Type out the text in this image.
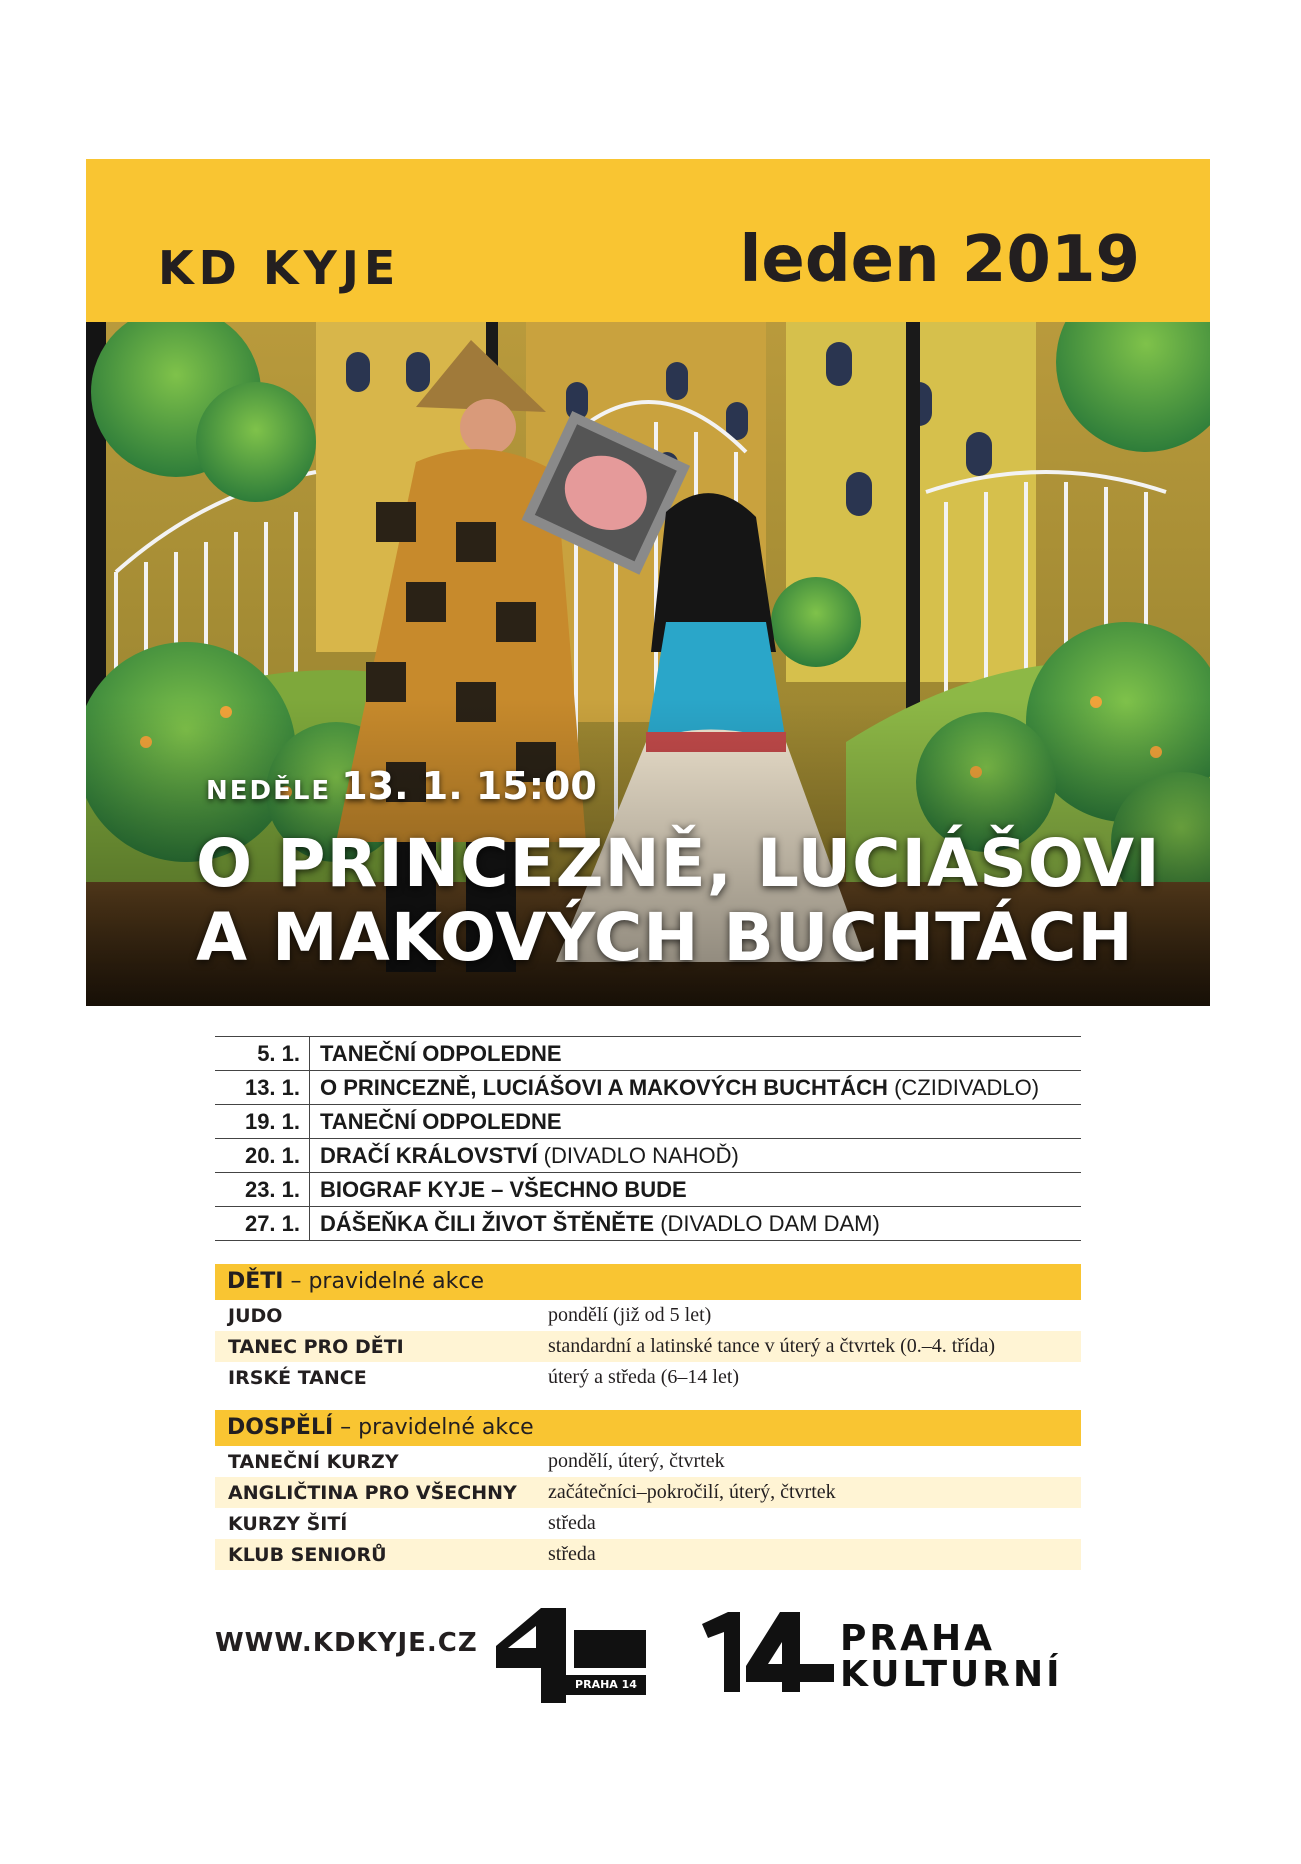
KD KYJE	leden 2019
NEDĚLE 13. 1. 15:00
O PRINCEZNĚ, LUCIÁŠOVI
A MAKOVÝCH BUCHTÁCH
5. 1.	TANEČNÍ ODPOLEDNE
13. 1.	O PRINCEZNĚ, LUCIÁŠOVI A MAKOVÝCH BUCHTÁCH (CZIDIVADLO)
19. 1.	TANEČNÍ ODPOLEDNE
20. 1.	DRAČÍ KRÁLOVSTVÍ (DIVADLO NAHOĎ)
23. 1.	BIOGRAF KYJE – VŠECHNO BUDE
27. 1.	DÁŠEŇKA ČILI ŽIVOT ŠTĚNĚTE (DIVADLO DAM DAM)
DĚTI – pravidelné akce
JUDO	pondělí (již od 5 let)
TANEC PRO DĚTI	standardní a latinské tance v úterý a čtvrtek (0.–4. třída)
IRSKÉ TANCE	úterý a středa (6–14 let)
DOSPĚLÍ – pravidelné akce
TANEČNÍ KURZY	pondělí, úterý, čtvrtek
ANGLIČTINA PRO VŠECHNY	začátečníci–pokročilí, úterý, čtvrtek
KURZY ŠITÍ	středa
KLUB SENIORŮ	středa
WWW.KDKYJE.CZ
PRAHA 14
PRAHA
KULTURNÍ
